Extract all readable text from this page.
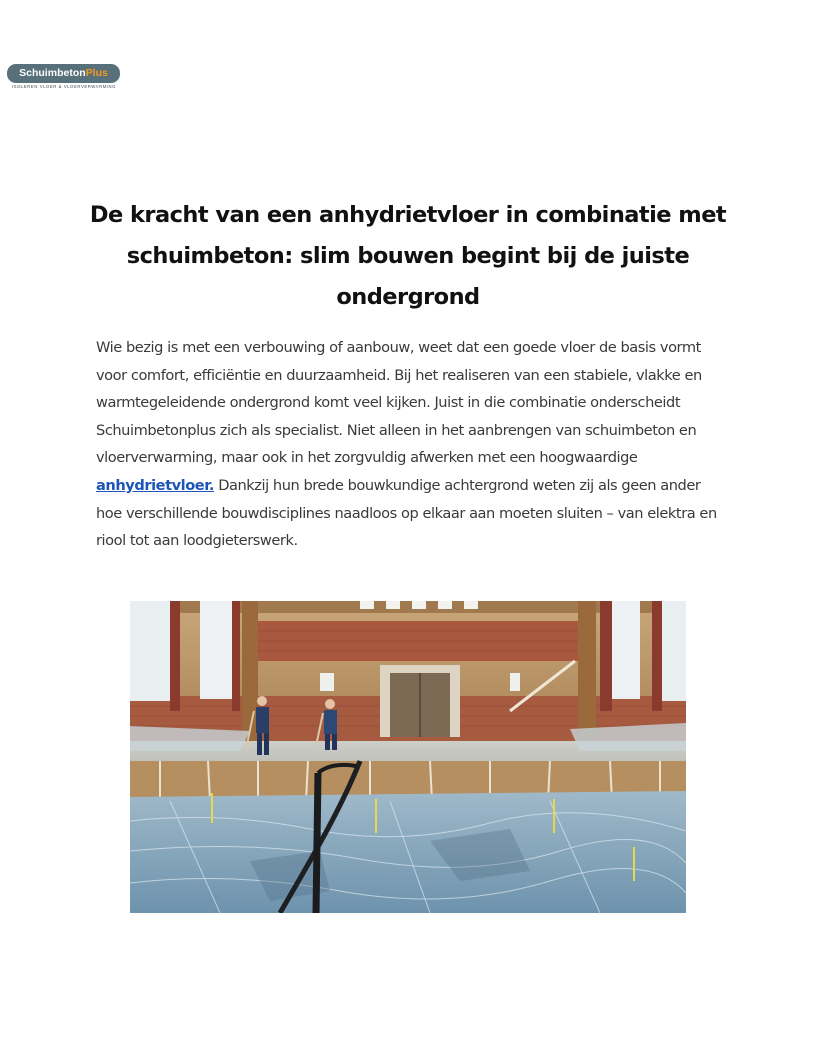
SchuimbetonPlus
ISOLEREN VLOER & VLOERVERWARMING
De kracht van een anhydrietvloer in combinatie met schuimbeton: slim bouwen begint bij de juiste ondergrond

Wie bezig is met een verbouwing of aanbouw, weet dat een goede vloer de basis vormt voor comfort, efficiëntie en duurzaamheid. Bij het realiseren van een stabiele, vlakke en warmtegeleidende ondergrond komt veel kijken. Juist in die combinatie onderscheidt Schuimbetonplus zich als specialist. Niet alleen in het aanbrengen van schuimbeton en vloerverwarming, maar ook in het zorgvuldig afwerken met een hoogwaardige anhydrietvloer. Dankzij hun brede bouwkundige achtergrond weten zij als geen ander hoe verschillende bouwdisciplines naadloos op elkaar aan moeten sluiten – van elektra en riool tot aan loodgieterswerk.
